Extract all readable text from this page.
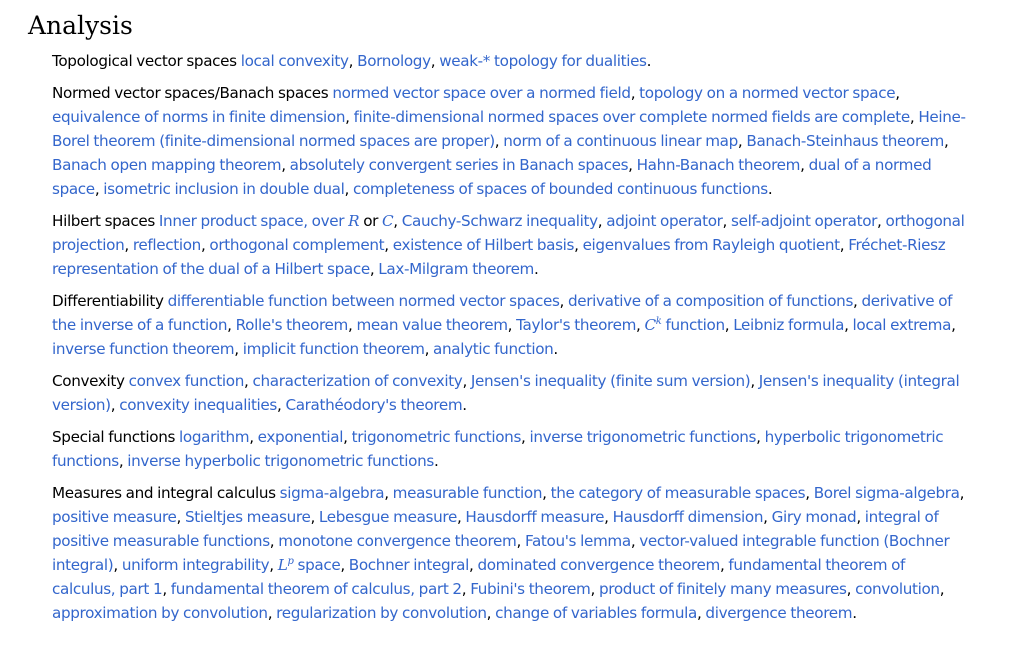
Analysis

Topological vector spaces local convexity, Bornology, weak-* topology for dualities.

Normed vector spaces/Banach spaces normed vector space over a normed field, topology on a normed vector space, equivalence of norms in finite dimension, finite-dimensional normed spaces over complete normed fields are complete, Heine-Borel theorem (finite-dimensional normed spaces are proper), norm of a continuous linear map, Banach-Steinhaus theorem, Banach open mapping theorem, absolutely convergent series in Banach spaces, Hahn-Banach theorem, dual of a normed space, isometric inclusion in double dual, completeness of spaces of bounded continuous functions.

Hilbert spaces Inner product space, over R or C, Cauchy-Schwarz inequality, adjoint operator, self-adjoint operator, orthogonal projection, reflection, orthogonal complement, existence of Hilbert basis, eigenvalues from Rayleigh quotient, Fréchet-Riesz representation of the dual of a Hilbert space, Lax-Milgram theorem.

Differentiability differentiable function between normed vector spaces, derivative of a composition of functions, derivative of the inverse of a function, Rolle's theorem, mean value theorem, Taylor's theorem, $C^k$ function, Leibniz formula, local extrema, inverse function theorem, implicit function theorem, analytic function.

Convexity convex function, characterization of convexity, Jensen's inequality (finite sum version), Jensen's inequality (integral version), convexity inequalities, Carathéodory's theorem.

Special functions logarithm, exponential, trigonometric functions, inverse trigonometric functions, hyperbolic trigonometric functions, inverse hyperbolic trigonometric functions.

Measures and integral calculus sigma-algebra, measurable function, the category of measurable spaces, Borel sigma-algebra, positive measure, Stieltjes measure, Lebesgue measure, Hausdorff measure, Hausdorff dimension, Giry monad, integral of positive measurable functions, monotone convergence theorem, Fatou's lemma, vector-valued integrable function (Bochner integral), uniform integrability, $L^p$ space, Bochner integral, dominated convergence theorem, fundamental theorem of calculus, part 1, fundamental theorem of calculus, part 2, Fubini's theorem, product of finitely many measures, convolution, approximation by convolution, regularization by convolution, change of variables formula, divergence theorem.
